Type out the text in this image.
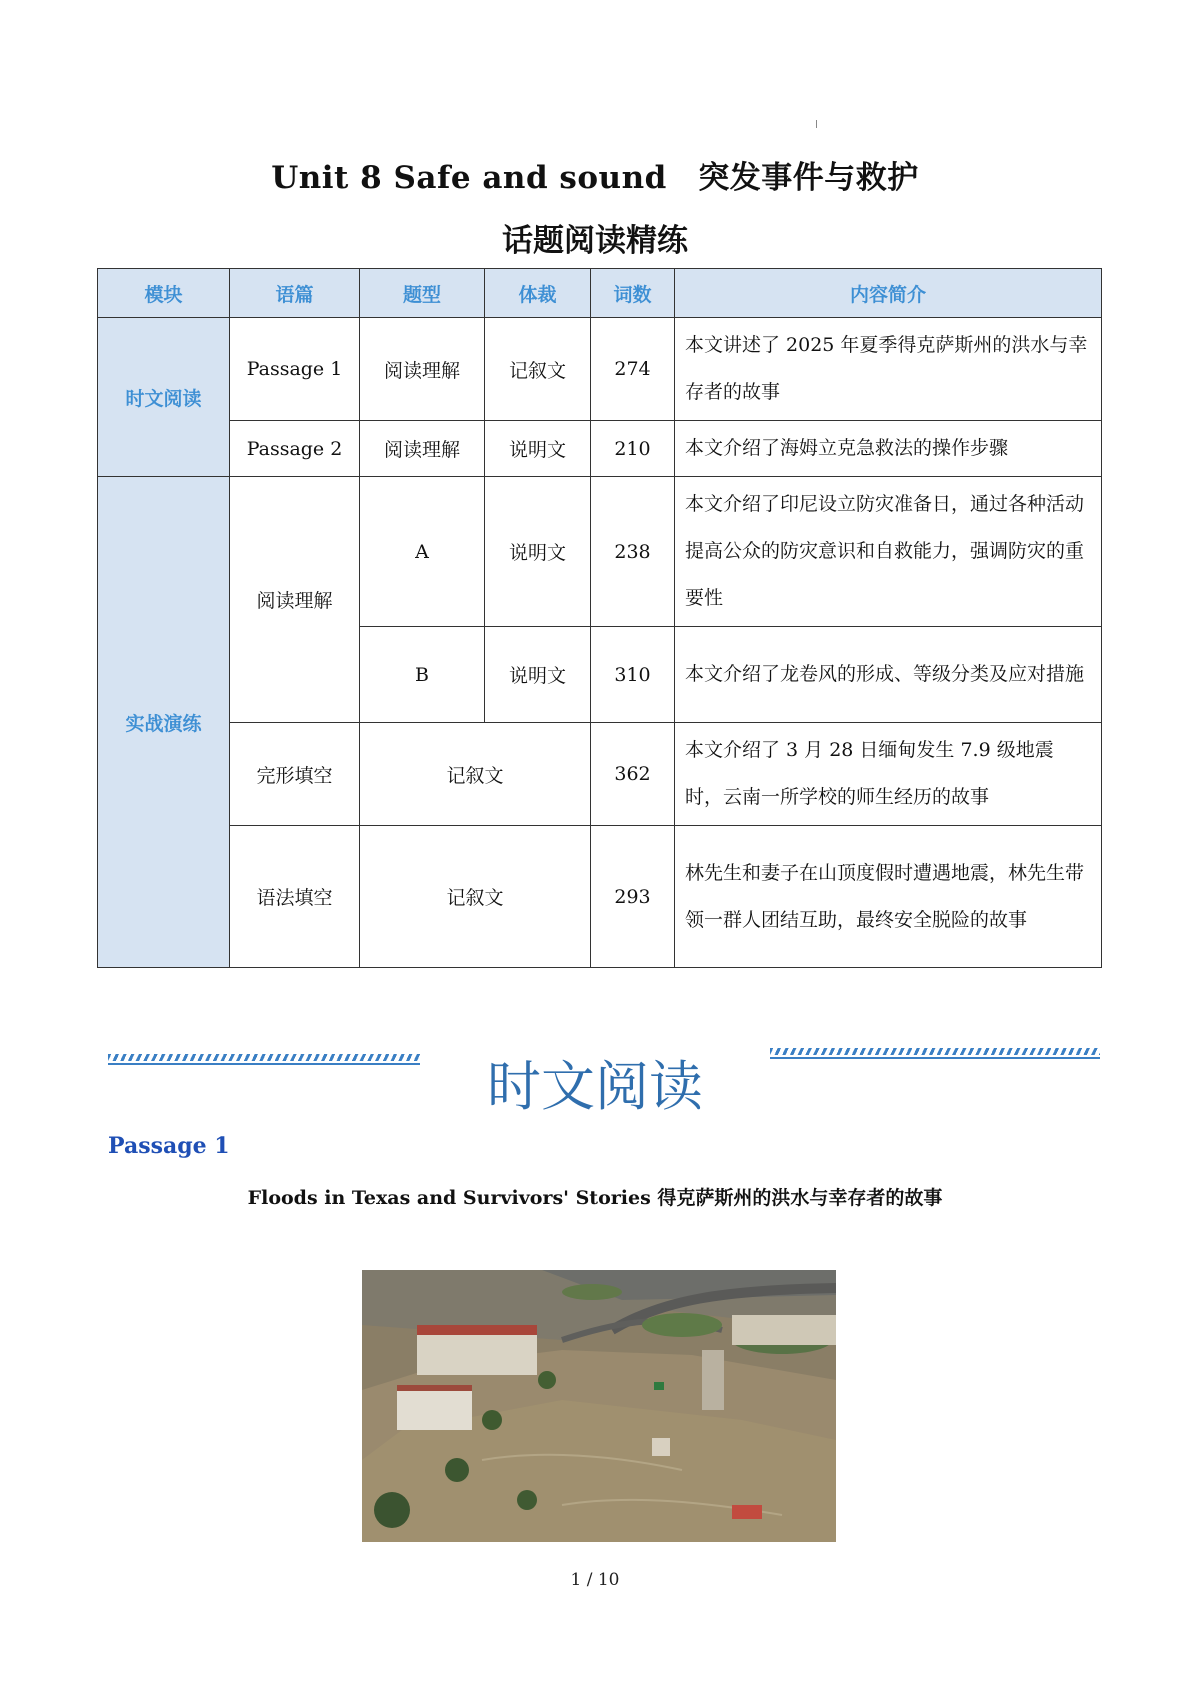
Unit 8 Safe and sound　突发事件与救护
话题阅读精练
模块	语篇	题型	体裁	词数	内容简介
时文阅读	Passage 1	阅读理解	记叙文	274	本文讲述了 2025 年夏季得克萨斯州的洪水与幸存者的故事
	Passage 2	阅读理解	说明文	210	本文介绍了海姆立克急救法的操作步骤
实战演练	阅读理解	A	说明文	238	本文介绍了印尼设立防灾准备日，通过各种活动提高公众的防灾意识和自救能力，强调防灾的重要性
		B	说明文	310	本文介绍了龙卷风的形成、等级分类及应对措施
	完形填空	记叙文		362	本文介绍了 3 月 28 日缅甸发生 7.9 级地震时，云南一所学校的师生经历的故事
	语法填空	记叙文		293	林先生和妻子在山顶度假时遭遇地震，林先生带领一群人团结互助，最终安全脱险的故事
时文阅读
Passage 1
Floods in Texas and Survivors' Stories 得克萨斯州的洪水与幸存者的故事
1 / 10
